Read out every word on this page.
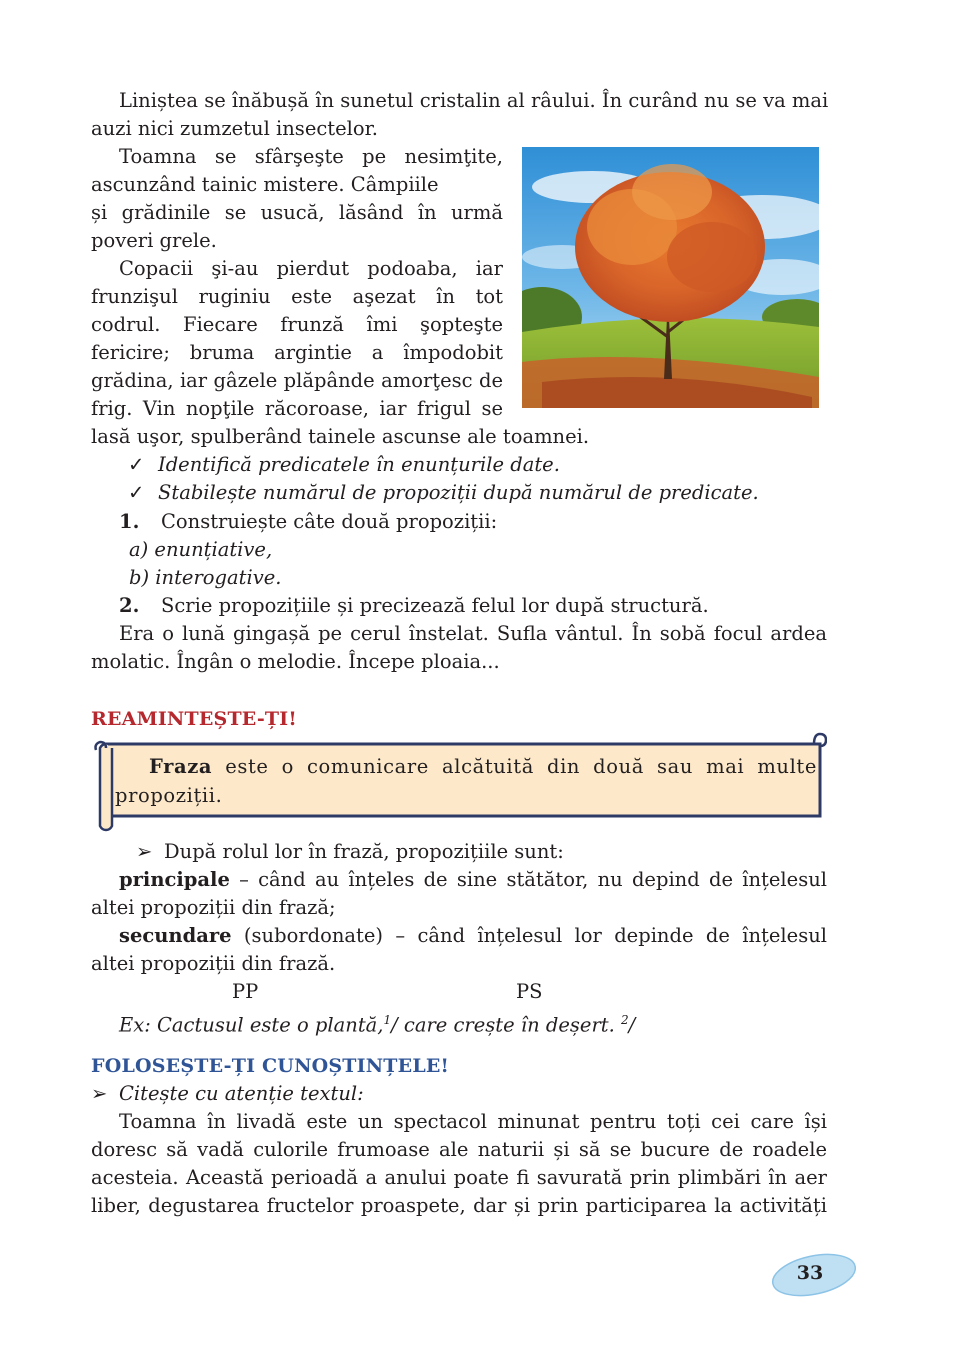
Liniștea se înăbușă în sunetul cristalin al râului. În curând nu se va mai
auzi nici zumzetul insectelor.
Toamna se sfârşeşte pe nesimţite,
ascunzând tainic mistere. Câmpiile
și grădinile se usucă, lăsând în urmă
poveri grele.
Copacii şi-au pierdut podoaba, iar
frunzişul ruginiu este aşezat în tot
codrul. Fiecare frunză îmi şopteşte
fericire; bruma argintie a împodobit
grădina, iar gâzele plăpânde amorţesc de
frig. Vin nopţile răcoroase, iar frigul se
lasă uşor, spulberând tainele ascunse ale toamnei.
✓ Identifică predicatele în enunțurile date.
✓ Stabilește numărul de propoziții după numărul de predicate.
1. Construiește câte două propoziții:
a) enunțiative,
b) interogative.
2. Scrie propozițiile și precizează felul lor după structură.
Era o lună gingașă pe cerul înstelat. Sufla vântul. În sobă focul ardea
molatic. Îngân o melodie. Începe ploaia...
REAMINTEȘTE-ȚI!
Fraza este o comunicare alcătuită din două sau mai multe
propoziții.
➢ După rolul lor în frază, propozițiile sunt:
principale – când au înțeles de sine stătător, nu depind de înțelesul
altei propoziții din frază;
secundare (subordonate) – când înțelesul lor depinde de înțelesul
altei propoziții din frază.
PP	PS
Ex: Cactusul este o plantă,$^1$/ care crește în deșert. $^2$/
FOLOSEȘTE-ȚI CUNOȘTINȚELE!
➢ Citește cu atenție textul:
Toamna în livadă este un spectacol minunat pentru toți cei care își
doresc să vadă culorile frumoase ale naturii și să se bucure de roadele
acesteia. Această perioadă a anului poate fi savurată prin plimbări în aer
liber, degustarea fructelor proaspete, dar și prin participarea la activități
33
